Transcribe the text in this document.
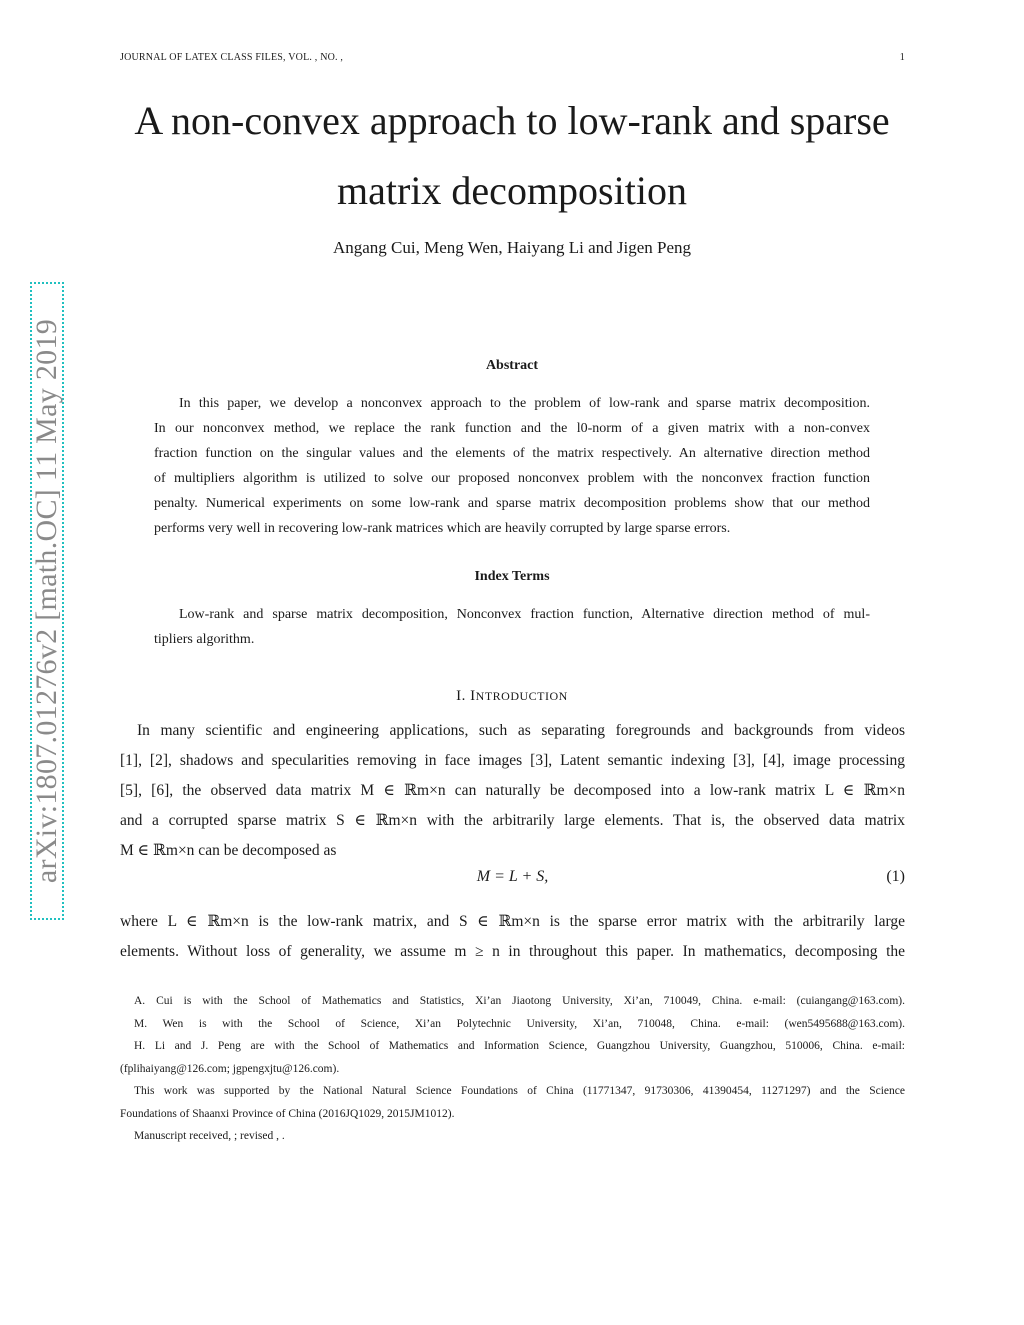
JOURNAL OF LATEX CLASS FILES, VOL. , NO. ,	1
A non-convex approach to low-rank and sparse
matrix decomposition
Angang Cui, Meng Wen, Haiyang Li and Jigen Peng
arXiv:1807.01276v2 [math.OC] 11 May 2019	Abstract
In this paper, we develop a nonconvex approach to the problem of low-rank and sparse matrix decomposition.
In our nonconvex method, we replace the rank function and the l0-norm of a given matrix with a non-convex
fraction function on the singular values and the elements of the matrix respectively. An alternative direction method
of multipliers algorithm is utilized to solve our proposed nonconvex problem with the nonconvex fraction function
penalty. Numerical experiments on some low-rank and sparse matrix decomposition problems show that our method
performs very well in recovering low-rank matrices which are heavily corrupted by large sparse errors.
Index Terms
Low-rank and sparse matrix decomposition, Nonconvex fraction function, Alternative direction method of mul-
tipliers algorithm.
I. INTRODUCTION
In many scientific and engineering applications, such as separating foregrounds and backgrounds from videos
[1], [2], shadows and specularities removing in face images [3], Latent semantic indexing [3], [4], image processing
[5], [6], the observed data matrix M ∈ ℝm×n can naturally be decomposed into a low-rank matrix L ∈ ℝm×n
and a corrupted sparse matrix S ∈ ℝm×n with the arbitrarily large elements. That is, the observed data matrix
M ∈ ℝm×n can be decomposed as
M = L + S,	(1)
where L ∈ ℝm×n is the low-rank matrix, and S ∈ ℝm×n is the sparse error matrix with the arbitrarily large
elements. Without loss of generality, we assume m ≥ n in throughout this paper. In mathematics, decomposing the
A. Cui is with the School of Mathematics and Statistics, Xi’an Jiaotong University, Xi’an, 710049, China. e-mail: (cuiangang@163.com).
M. Wen is with the School of Science, Xi’an Polytechnic University, Xi’an, 710048, China. e-mail: (wen5495688@163.com).
H. Li and J. Peng are with the School of Mathematics and Information Science, Guangzhou University, Guangzhou, 510006, China. e-mail:
(fplihaiyang@126.com; jgpengxjtu@126.com).
This work was supported by the National Natural Science Foundations of China (11771347, 91730306, 41390454, 11271297) and the Science
Foundations of Shaanxi Province of China (2016JQ1029, 2015JM1012).
Manuscript received, ; revised , .
